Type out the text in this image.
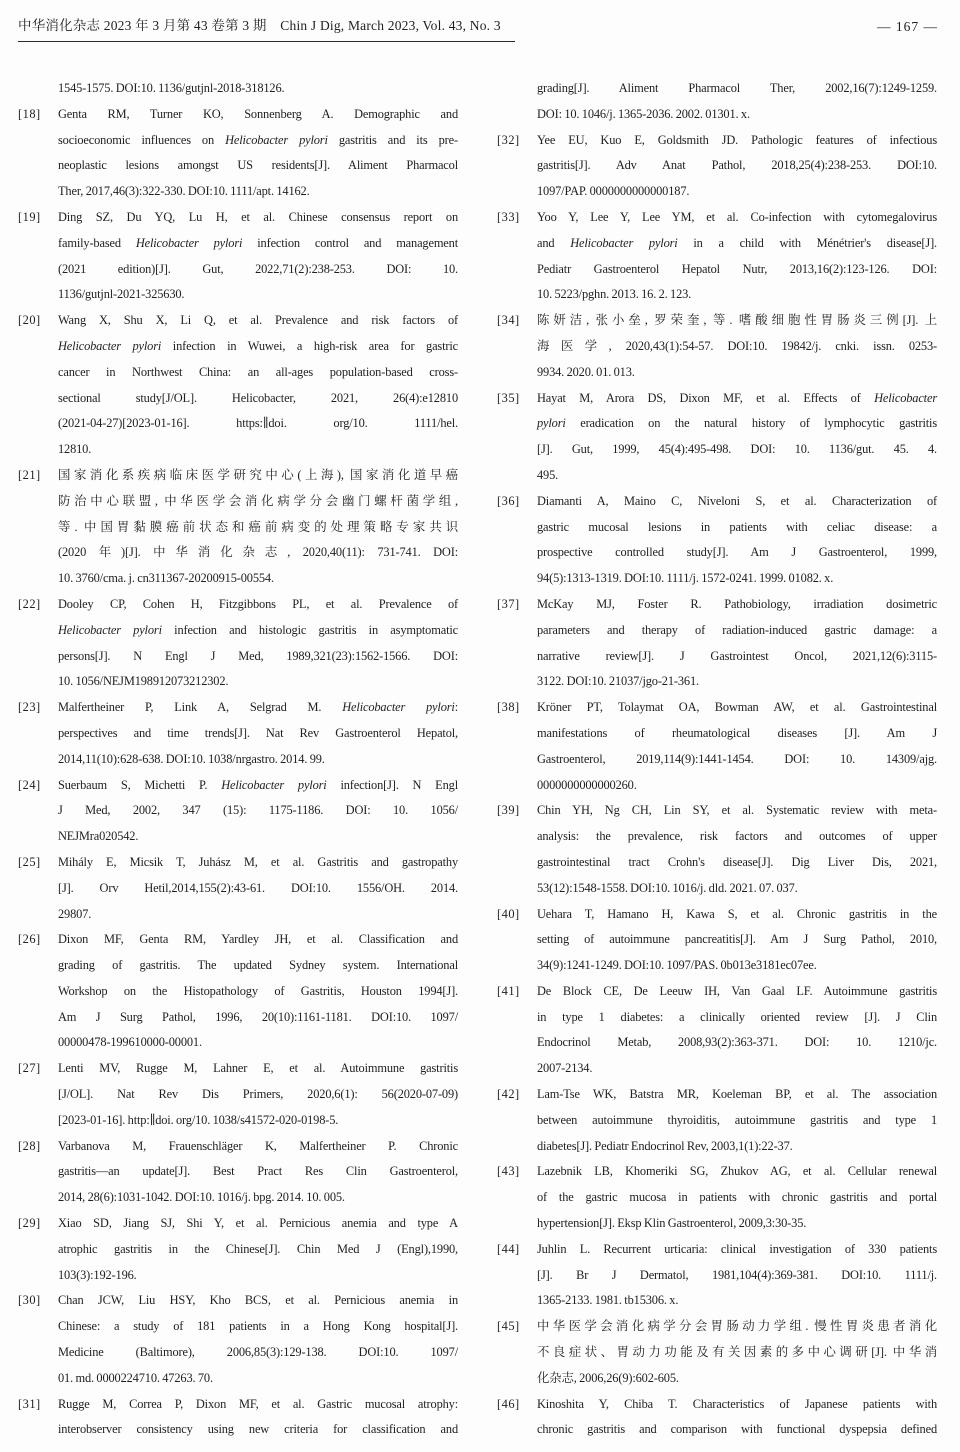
中华消化杂志 2023 年 3 月第 43 卷第 3 期　Chin J Dig, March 2023, Vol. 43, No. 3	— 167 —
1545-1575. DOI:10. 1136/gutjnl-2018-318126.
[18] Genta RM, Turner KO, Sonnenberg A. Demographic and
socioeconomic influences on Helicobacter pylori gastritis and its pre-
neoplastic lesions amongst US residents[J]. Aliment Pharmacol
Ther, 2017,46(3):322-330. DOI:10. 1111/apt. 14162.
[19] Ding SZ, Du YQ, Lu H, et al. Chinese consensus report on
family-based Helicobacter pylori infection control and management
(2021 edition)[J]. Gut, 2022,71(2):238-253. DOI: 10.
1136/gutjnl-2021-325630.
[20] Wang X, Shu X, Li Q, et al. Prevalence and risk factors of
Helicobacter pylori infection in Wuwei, a high-risk area for gastric
cancer in Northwest China: an all-ages population-based cross-
sectional study[J/OL]. Helicobacter, 2021, 26(4):e12810
(2021-04-27)[2023-01-16]. https:∥doi. org/10. 1111/hel.
12810.
[21] 国家消化系疾病临床医学研究中心(上海), 国家消化道早癌
防治中心联盟, 中华医学会消化病学分会幽门螺杆菌学组,
等. 中国胃黏膜癌前状态和癌前病变的处理策略专家共识
(2020 年)[J]. 中华消化杂志, 2020,40(11): 731-741. DOI:
10. 3760/cma. j. cn311367-20200915-00554.
[22] Dooley CP, Cohen H, Fitzgibbons PL, et al. Prevalence of
Helicobacter pylori infection and histologic gastritis in asymptomatic
persons[J]. N Engl J Med, 1989,321(23):1562-1566. DOI:
10. 1056/NEJM198912073212302.
[23] Malfertheiner P, Link A, Selgrad M. Helicobacter pylori:
perspectives and time trends[J]. Nat Rev Gastroenterol Hepatol,
2014,11(10):628-638. DOI:10. 1038/nrgastro. 2014. 99.
[24] Suerbaum S, Michetti P. Helicobacter pylori infection[J]. N Engl
J Med, 2002, 347 (15): 1175-1186. DOI: 10. 1056/
NEJMra020542.
[25] Mihály E, Micsik T, Juhász M, et al. Gastritis and gastropathy
[J]. Orv Hetil,2014,155(2):43-61. DOI:10. 1556/OH. 2014.
29807.
[26] Dixon MF, Genta RM, Yardley JH, et al. Classification and
grading of gastritis. The updated Sydney system. International
Workshop on the Histopathology of Gastritis, Houston 1994[J].
Am J Surg Pathol, 1996, 20(10):1161-1181. DOI:10. 1097/
00000478-199610000-00001.
[27] Lenti MV, Rugge M, Lahner E, et al. Autoimmune gastritis
[J/OL]. Nat Rev Dis Primers, 2020,6(1): 56(2020-07-09)
[2023-01-16]. http:∥doi. org/10. 1038/s41572-020-0198-5.
[28] Varbanova M, Frauenschläger K, Malfertheiner P. Chronic
gastritis—an update[J]. Best Pract Res Clin Gastroenterol,
2014, 28(6):1031-1042. DOI:10. 1016/j. bpg. 2014. 10. 005.
[29] Xiao SD, Jiang SJ, Shi Y, et al. Pernicious anemia and type A
atrophic gastritis in the Chinese[J]. Chin Med J (Engl),1990,
103(3):192-196.
[30] Chan JCW, Liu HSY, Kho BCS, et al. Pernicious anemia in
Chinese: a study of 181 patients in a Hong Kong hospital[J].
Medicine (Baltimore), 2006,85(3):129-138. DOI:10. 1097/
01. md. 0000224710. 47263. 70.
[31] Rugge M, Correa P, Dixon MF, et al. Gastric mucosal atrophy:
interobserver consistency using new criteria for classification and
grading[J]. Aliment Pharmacol Ther, 2002,16(7):1249-1259.
DOI: 10. 1046/j. 1365-2036. 2002. 01301. x.
[32] Yee EU, Kuo E, Goldsmith JD. Pathologic features of infectious
gastritis[J]. Adv Anat Pathol, 2018,25(4):238-253. DOI:10.
1097/PAP. 0000000000000187.
[33] Yoo Y, Lee Y, Lee YM, et al. Co-infection with cytomegalovirus
and Helicobacter pylori in a child with Ménétrier's disease[J].
Pediatr Gastroenterol Hepatol Nutr, 2013,16(2):123-126. DOI:
10. 5223/pghn. 2013. 16. 2. 123.
[34] 陈妍洁, 张小垒, 罗荣奎, 等. 嗜酸细胞性胃肠炎三例[J]. 上
海医学, 2020,43(1):54-57. DOI:10. 19842/j. cnki. issn. 0253-
9934. 2020. 01. 013.
[35] Hayat M, Arora DS, Dixon MF, et al. Effects of Helicobacter
pylori eradication on the natural history of lymphocytic gastritis
[J]. Gut, 1999, 45(4):495-498. DOI: 10. 1136/gut. 45. 4.
495.
[36] Diamanti A, Maino C, Niveloni S, et al. Characterization of
gastric mucosal lesions in patients with celiac disease: a
prospective controlled study[J]. Am J Gastroenterol, 1999,
94(5):1313-1319. DOI:10. 1111/j. 1572-0241. 1999. 01082. x.
[37] McKay MJ, Foster R. Pathobiology, irradiation dosimetric
parameters and therapy of radiation-induced gastric damage: a
narrative review[J]. J Gastrointest Oncol, 2021,12(6):3115-
3122. DOI:10. 21037/jgo-21-361.
[38] Kröner PT, Tolaymat OA, Bowman AW, et al. Gastrointestinal
manifestations of rheumatological diseases [J]. Am J
Gastroenterol, 2019,114(9):1441-1454. DOI: 10. 14309/ajg.
0000000000000260.
[39] Chin YH, Ng CH, Lin SY, et al. Systematic review with meta-
analysis: the prevalence, risk factors and outcomes of upper
gastrointestinal tract Crohn's disease[J]. Dig Liver Dis, 2021,
53(12):1548-1558. DOI:10. 1016/j. dld. 2021. 07. 037.
[40] Uehara T, Hamano H, Kawa S, et al. Chronic gastritis in the
setting of autoimmune pancreatitis[J]. Am J Surg Pathol, 2010,
34(9):1241-1249. DOI:10. 1097/PAS. 0b013e3181ec07ee.
[41] De Block CE, De Leeuw IH, Van Gaal LF. Autoimmune gastritis
in type 1 diabetes: a clinically oriented review [J]. J Clin
Endocrinol Metab, 2008,93(2):363-371. DOI: 10. 1210/jc.
2007-2134.
[42] Lam-Tse WK, Batstra MR, Koeleman BP, et al. The association
between autoimmune thyroiditis, autoimmune gastritis and type 1
diabetes[J]. Pediatr Endocrinol Rev, 2003,1(1):22-37.
[43] Lazebnik LB, Khomeriki SG, Zhukov AG, et al. Cellular renewal
of the gastric mucosa in patients with chronic gastritis and portal
hypertension[J]. Eksp Klin Gastroenterol, 2009,3:30-35.
[44] Juhlin L. Recurrent urticaria: clinical investigation of 330 patients
[J]. Br J Dermatol, 1981,104(4):369-381. DOI:10. 1111/j.
1365-2133. 1981. tb15306. x.
[45] 中华医学会消化病学分会胃肠动力学组. 慢性胃炎患者消化
不良症状、胃动力功能及有关因素的多中心调研[J]. 中华消
化杂志, 2006,26(9):602-605.
[46] Kinoshita Y, Chiba T. Characteristics of Japanese patients with
chronic gastritis and comparison with functional dyspepsia defined
